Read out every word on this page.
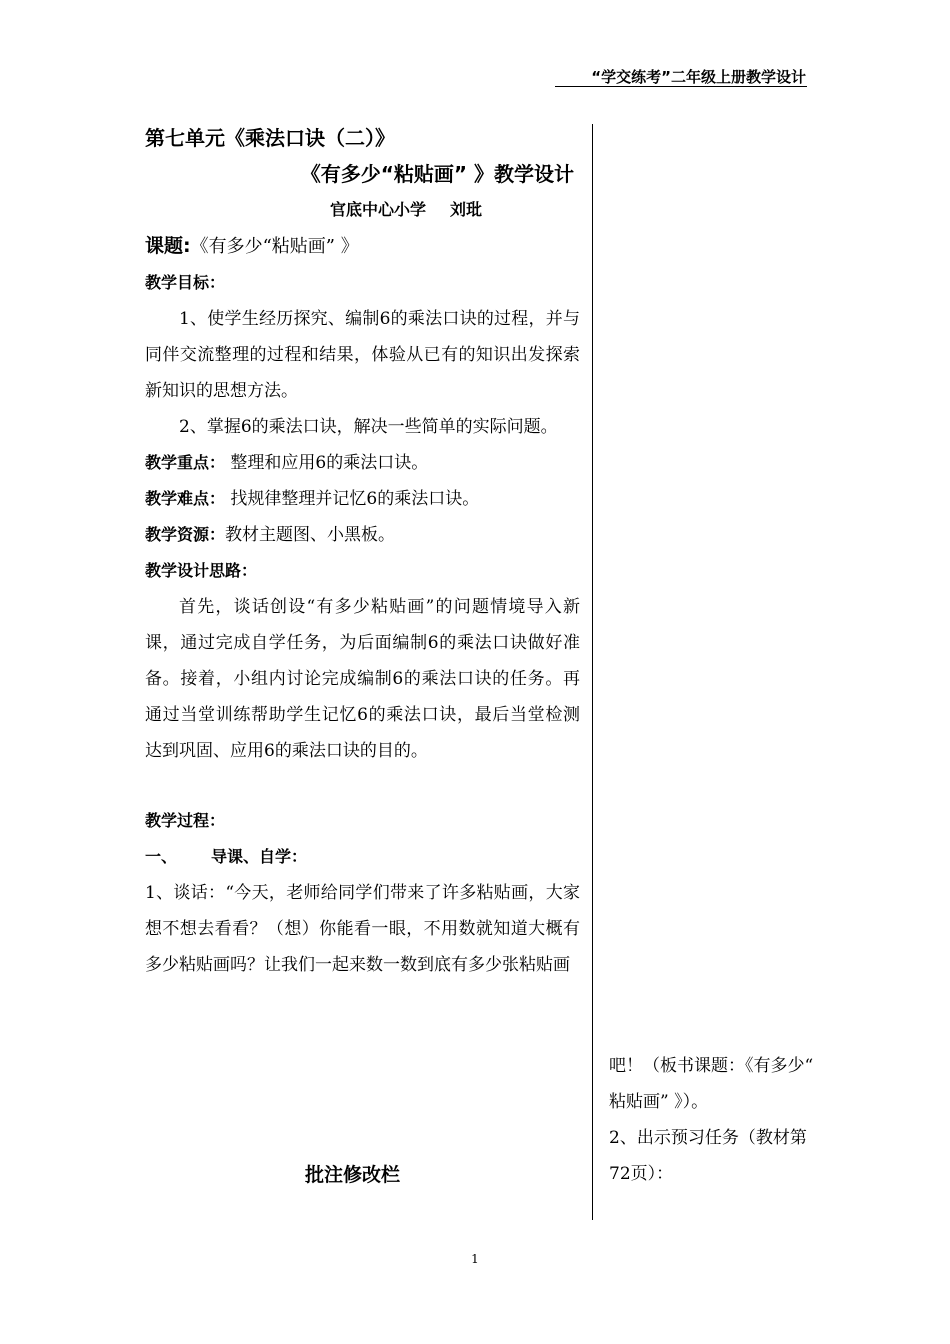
“学交练考”二年级上册教学设计
第七单元《乘法口诀（二）》
《有多少“粘贴画” 》教学设计
官底中心小学 刘玭
课题:《有多少“粘贴画” 》
教学目标：
1、使学生经历探究、编制6的乘法口诀的过程，并与同伴交流整理的过程和结果，体验从已有的知识出发探索新知识的思想方法。
2、掌握6的乘法口诀，解决一些简单的实际问题。
教学重点： 整理和应用6的乘法口诀。
教学难点： 找规律整理并记忆6的乘法口诀。
教学资源：教材主题图、小黑板。
教学设计思路：
首先，谈话创设“有多少粘贴画”的问题情境导入新课，通过完成自学任务，为后面编制6的乘法口诀做好准备。接着，小组内讨论完成编制6的乘法口诀的任务。再通过当堂训练帮助学生记忆6的乘法口诀，最后当堂检测达到巩固、应用6的乘法口诀的目的。
教学过程：
一、 导课、自学：
1、谈话：“今天，老师给同学们带来了许多粘贴画，大家想不想去看看？（想）你能看一眼，不用数就知道大概有多少粘贴画吗？让我们一起来数一数到底有多少张粘贴画
吧！（板书课题：《有多少“ 粘贴画” 》）。
2、出示预习任务（教材第72页）：
批注修改栏
1
